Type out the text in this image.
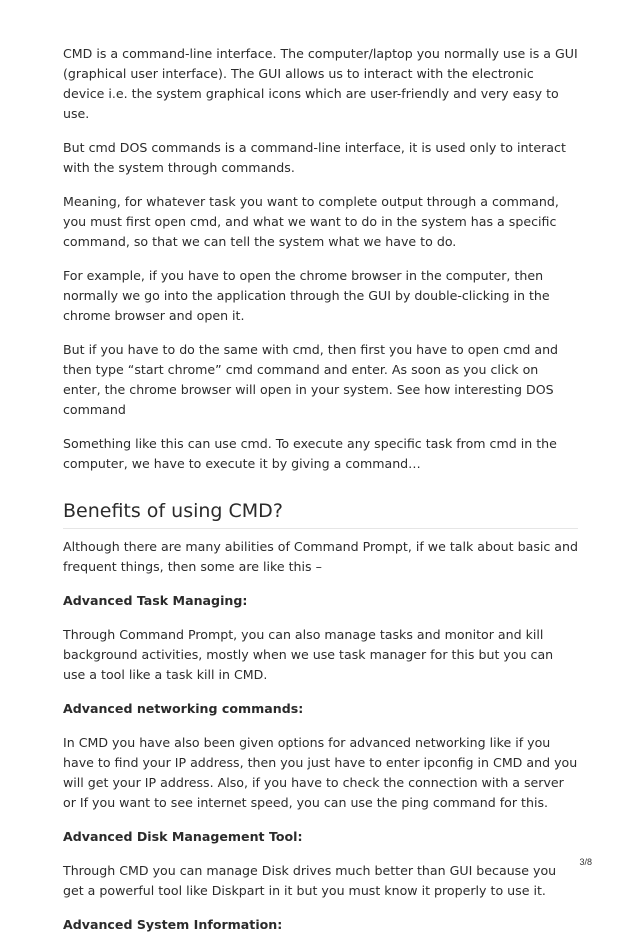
CMD is a command-line interface. The computer/laptop you normally use is a GUI (graphical user interface). The GUI allows us to interact with the electronic device i.e. the system graphical icons which are user-friendly and very easy to use.

But cmd DOS commands is a command-line interface, it is used only to interact with the system through commands.

Meaning, for whatever task you want to complete output through a command, you must first open cmd, and what we want to do in the system has a specific command, so that we can tell the system what we have to do.

For example, if you have to open the chrome browser in the computer, then normally we go into the application through the GUI by double-clicking in the chrome browser and open it.

But if you have to do the same with cmd, then first you have to open cmd and then type “start chrome” cmd command and enter. As soon as you click on enter, the chrome browser will open in your system. See how interesting DOS command

Something like this can use cmd. To execute any specific task from cmd in the computer, we have to execute it by giving a command…

Benefits of using CMD?

Although there are many abilities of Command Prompt, if we talk about basic and frequent things, then some are like this –

Advanced Task Managing:

Through Command Prompt, you can also manage tasks and monitor and kill background activities, mostly when we use task manager for this but you can use a tool like a task kill in CMD.

Advanced networking commands:

In CMD you have also been given options for advanced networking like if you have to find your IP address, then you just have to enter ipconfig in CMD and you will get your IP address. Also, if you have to check the connection with a server or If you want to see internet speed, you can use the ping command for this.

Advanced Disk Management Tool:

Through CMD you can manage Disk drives much better than GUI because you get a powerful tool like Diskpart in it but you must know it properly to use it.

Advanced System Information:

3/8
